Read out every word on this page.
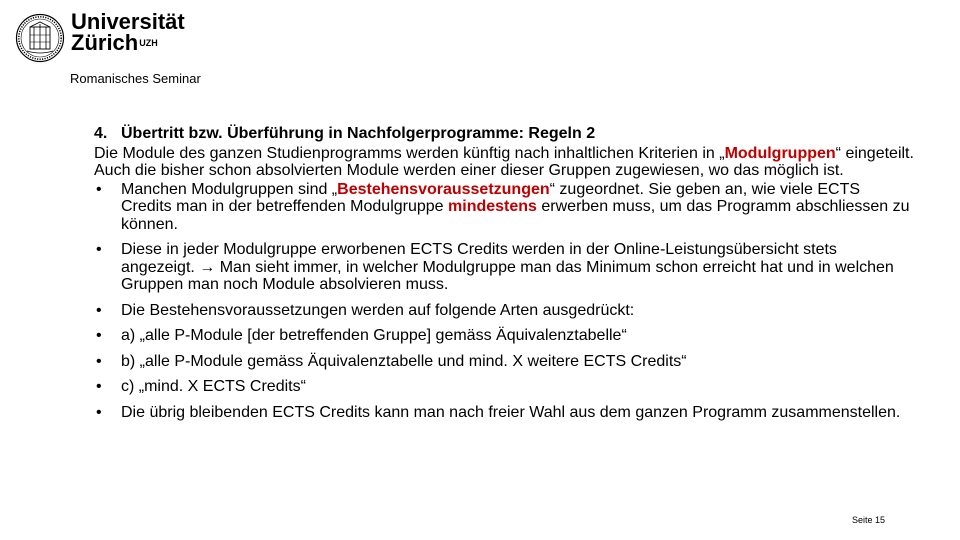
Universität
Zürich$^{UZH}$
Romanisches Seminar
4. Übertritt bzw. Überführung in Nachfolgerprogramme: Regeln 2
Die Module des ganzen Studienprogramms werden künftig nach inhaltlichen Kriterien in „Modulgruppen“ eingeteilt. Auch die bisher schon absolvierten Module werden einer dieser Gruppen zugewiesen, wo das möglich ist.
• Manchen Modulgruppen sind „Bestehensvoraussetzungen“ zugeordnet. Sie geben an, wie viele ECTS Credits man in der betreffenden Modulgruppe mindestens erwerben muss, um das Programm abschliessen zu können.
• Diese in jeder Modulgruppe erworbenen ECTS Credits werden in der Online-Leistungsübersicht stets angezeigt. → Man sieht immer, in welcher Modulgruppe man das Minimum schon erreicht hat und in welchen Gruppen man noch Module absolvieren muss.
• Die Bestehensvoraussetzungen werden auf folgende Arten ausgedrückt:
• a) „alle P-Module [der betreffenden Gruppe] gemäss Äquivalenztabelle“
• b) „alle P-Module gemäss Äquivalenztabelle und mind. X weitere ECTS Credits“
• c) „mind. X ECTS Credits“
• Die übrig bleibenden ECTS Credits kann man nach freier Wahl aus dem ganzen Programm zusammenstellen.
Seite 15
